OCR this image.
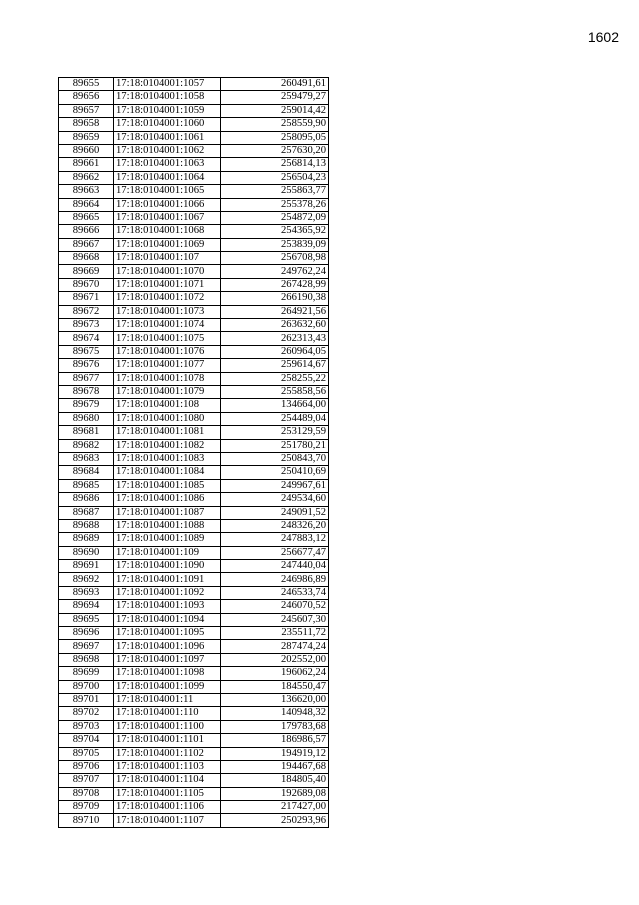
1602
89655	17:18:0104001:1057	260491,61
89656	17:18:0104001:1058	259479,27
89657	17:18:0104001:1059	259014,42
89658	17:18:0104001:1060	258559,90
89659	17:18:0104001:1061	258095,05
89660	17:18:0104001:1062	257630,20
89661	17:18:0104001:1063	256814,13
89662	17:18:0104001:1064	256504,23
89663	17:18:0104001:1065	255863,77
89664	17:18:0104001:1066	255378,26
89665	17:18:0104001:1067	254872,09
89666	17:18:0104001:1068	254365,92
89667	17:18:0104001:1069	253839,09
89668	17:18:0104001:107	256708,98
89669	17:18:0104001:1070	249762,24
89670	17:18:0104001:1071	267428,99
89671	17:18:0104001:1072	266190,38
89672	17:18:0104001:1073	264921,56
89673	17:18:0104001:1074	263632,60
89674	17:18:0104001:1075	262313,43
89675	17:18:0104001:1076	260964,05
89676	17:18:0104001:1077	259614,67
89677	17:18:0104001:1078	258255,22
89678	17:18:0104001:1079	255858,56
89679	17:18:0104001:108	134664,00
89680	17:18:0104001:1080	254489,04
89681	17:18:0104001:1081	253129,59
89682	17:18:0104001:1082	251780,21
89683	17:18:0104001:1083	250843,70
89684	17:18:0104001:1084	250410,69
89685	17:18:0104001:1085	249967,61
89686	17:18:0104001:1086	249534,60
89687	17:18:0104001:1087	249091,52
89688	17:18:0104001:1088	248326,20
89689	17:18:0104001:1089	247883,12
89690	17:18:0104001:109	256677,47
89691	17:18:0104001:1090	247440,04
89692	17:18:0104001:1091	246986,89
89693	17:18:0104001:1092	246533,74
89694	17:18:0104001:1093	246070,52
89695	17:18:0104001:1094	245607,30
89696	17:18:0104001:1095	235511,72
89697	17:18:0104001:1096	287474,24
89698	17:18:0104001:1097	202552,00
89699	17:18:0104001:1098	196062,24
89700	17:18:0104001:1099	184550,47
89701	17:18:0104001:11	136620,00
89702	17:18:0104001:110	140948,32
89703	17:18:0104001:1100	179783,68
89704	17:18:0104001:1101	186986,57
89705	17:18:0104001:1102	194919,12
89706	17:18:0104001:1103	194467,68
89707	17:18:0104001:1104	184805,40
89708	17:18:0104001:1105	192689,08
89709	17:18:0104001:1106	217427,00
89710	17:18:0104001:1107	250293,96
